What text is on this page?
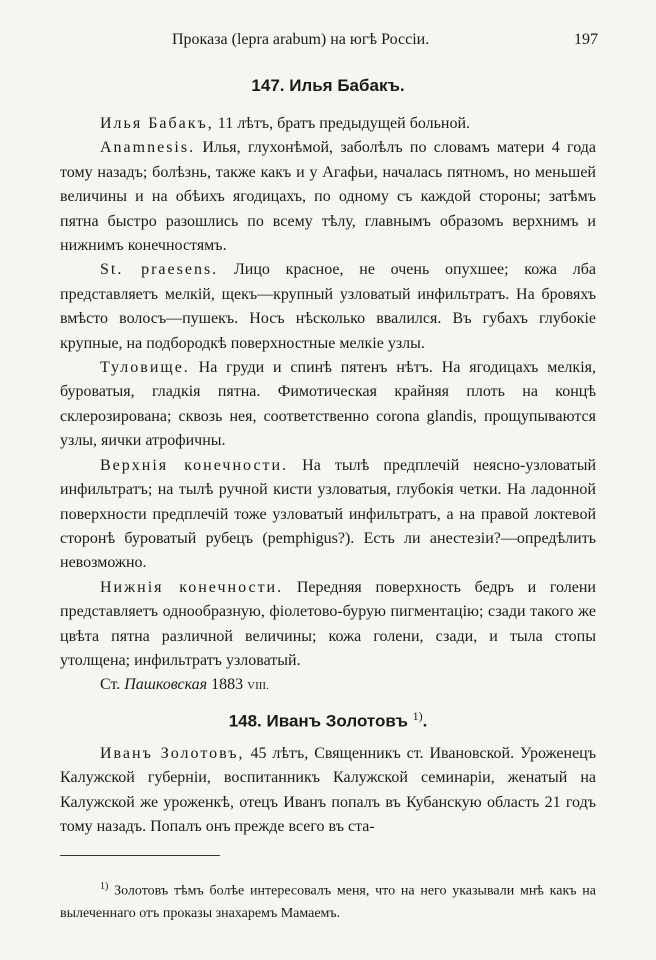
Проказа (lepra arabum) на югѣ Россіи.	197
147. Илья Бабакъ.

Илья Бабакъ, 11 лѣтъ, братъ предыдущей больной.

Anamnesis. Илья, глухонѣмой, заболѣлъ по словамъ матери 4 года тому назадъ; болѣзнь, также какъ и у Агафьи, началась пятномъ, но меньшей величины и на обѣихъ ягодицахъ, по одному съ каждой стороны; затѣмъ пятна быстро разошлись по всему тѣлу, главнымъ образомъ верхнимъ и нижнимъ конечностямъ.

St. praesens. Лицо красное, не очень опухшее; кожа лба представляетъ мелкій, щекъ—крупный узловатый инфильтратъ. На бровяхъ вмѣсто волосъ—пушекъ. Носъ нѣсколько ввалился. Въ губахъ глубокіе крупные, на подбородкѣ поверхностные мелкіе узлы.

Туловище. На груди и спинѣ пятенъ нѣтъ. На ягодицахъ мелкія, буроватыя, гладкія пятна. Фимотическая крайняя плоть на концѣ склерозирована; сквозь нея, соответственно corona glandis, прощупываются узлы, яички атрофичны.

Верхнія конечности. На тылѣ предплечій неясно-узловатый инфильтратъ; на тылѣ ручной кисти узловатыя, глубокія четки. На ладонной поверхности предплечій тоже узловатый инфильтратъ, а на правой локтевой сторонѣ буроватый рубецъ (pemphigus?). Есть ли анестезіи?—опредѣлить невозможно.

Нижнія конечности. Передняя поверхность бедръ и голени представляетъ однообразную, фіолетово-бурую пигментацію; сзади такого же цвѣта пятна различной величины; кожа голени, сзади, и тыла стопы утолщена; инфильтратъ узловатый.

Ст. Пашковская 1883 VIII.

148. Иванъ Золотовъ $^{1)}$.

Иванъ Золотовъ, 45 лѣтъ, Священникъ ст. Ивановской. Уроженецъ Калужской губерніи, воспитанникъ Калужской семинаріи, женатый на Калужской же уроженкѣ, отецъ Иванъ попалъ въ Кубанскую область 21 годъ тому назадъ. Попалъ онъ прежде всего въ ста-

$^{1)}$ Золотовъ тѣмъ болѣе интересовалъ меня, что на него указывали мнѣ какъ на вылеченнаго отъ проказы знахаремъ Мамаемъ.
